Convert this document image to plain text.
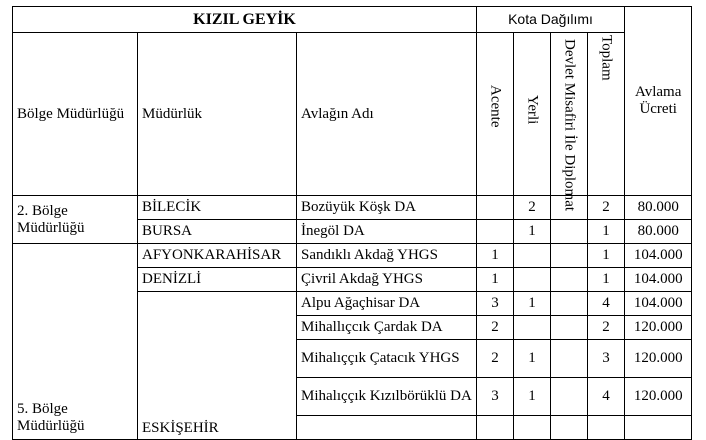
KIZIL GEYİK			Kota Dağılımı				Avlama Ücreti
Bölge Müdürlüğü	Müdürlük	Avlağın Adı	Acente	Yerli	Devlet Misafiri İle Diplomat	Toplam	

2. Bölge Müdürlüğü	BİLECİK	Bozüyük Köşk DA		2		2	80.000
	BURSA	İnegöl DA		1		1	80.000

5. Bölge Müdürlüğü	AFYONKARAHİSAR	Sandıklı Akdağ YHGS	1			1	104.000
	DENİZLİ	Çivril Akdağ YHGS	1			1	104.000

	ESKİŞEHİR	Alpu Ağaçhisar DA	3	1		4	104.000
		Mihallıçcık Çardak DA	2			2	120.000
		Mihalıççık Çatacık YHGS	2	1		3	120.000
		Mihalıççık Kızılbörüklü DA	3	1		4	120.000
